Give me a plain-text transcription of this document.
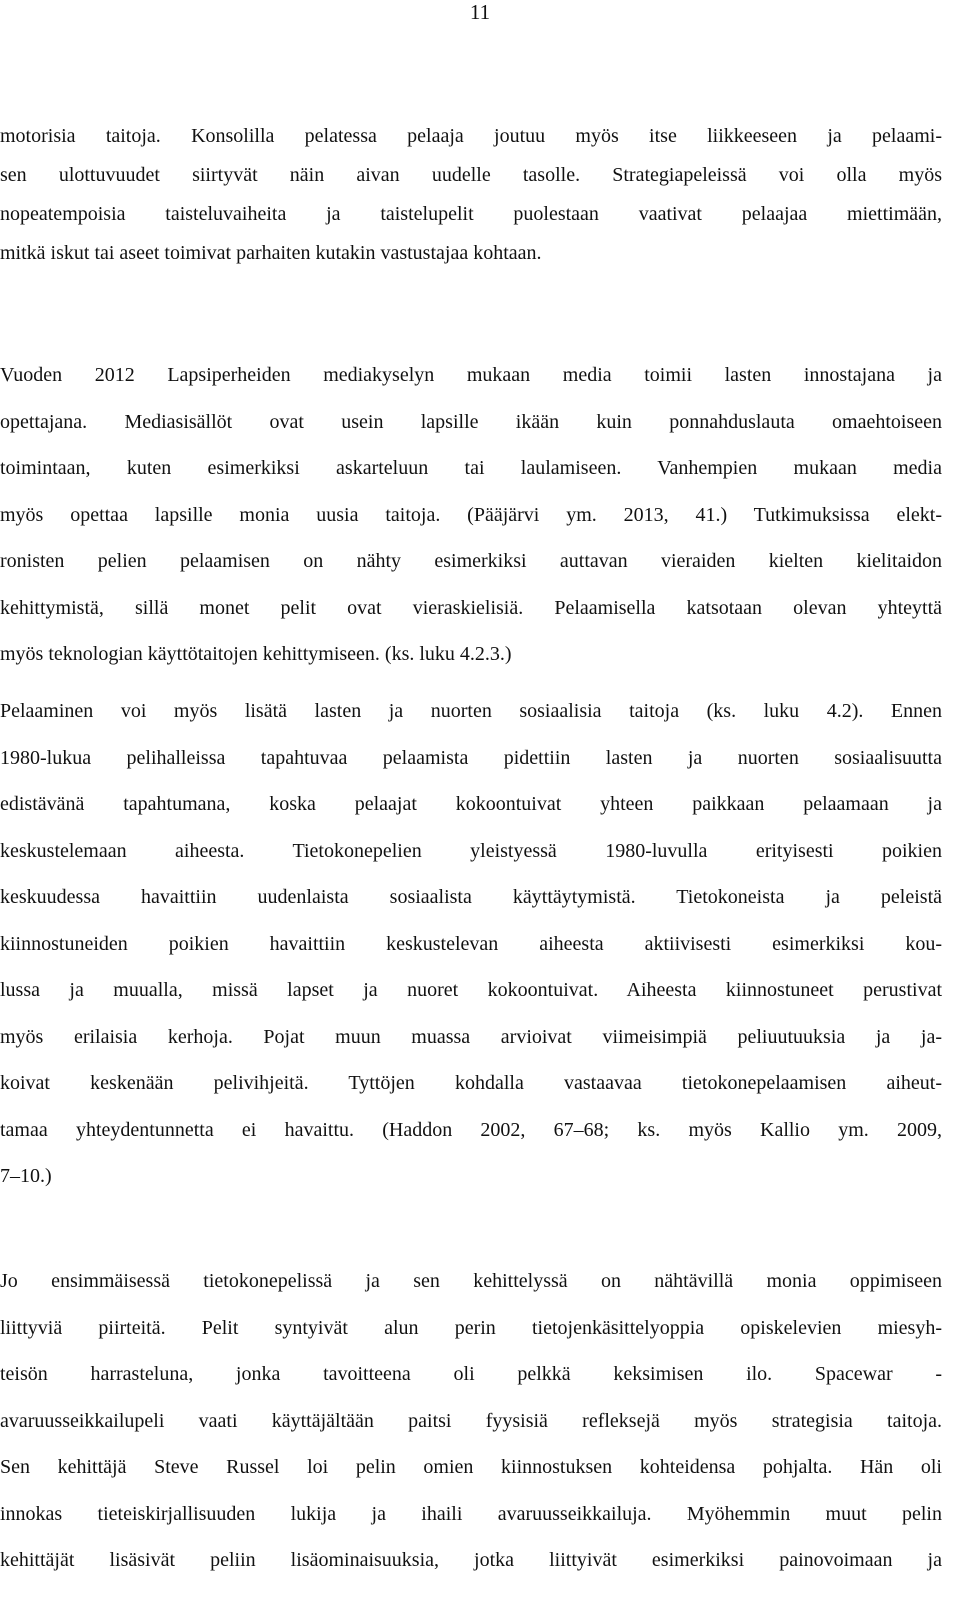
11
motorisia taitoja. Konsolilla pelatessa pelaaja joutuu myös itse liikkeeseen ja pelaami-
sen ulottuvuudet siirtyvät näin aivan uudelle tasolle. Strategiapeleissä voi olla myös
nopeatempoisia taisteluvaiheita ja taistelupelit puolestaan vaativat pelaajaa miettimään,
mitkä iskut tai aseet toimivat parhaiten kutakin vastustajaa kohtaan.
Vuoden 2012 Lapsiperheiden mediakyselyn mukaan media toimii lasten innostajana ja
opettajana. Mediasisällöt ovat usein lapsille ikään kuin ponnahduslauta omaehtoiseen
toimintaan, kuten esimerkiksi askarteluun tai laulamiseen. Vanhempien mukaan media
myös opettaa lapsille monia uusia taitoja. (Pääjärvi ym. 2013, 41.) Tutkimuksissa elekt-
ronisten pelien pelaamisen on nähty esimerkiksi auttavan vieraiden kielten kielitaidon
kehittymistä, sillä monet pelit ovat vieraskielisiä. Pelaamisella katsotaan olevan yhteyttä
myös teknologian käyttötaitojen kehittymiseen. (ks. luku 4.2.3.)
Pelaaminen voi myös lisätä lasten ja nuorten sosiaalisia taitoja (ks. luku 4.2). Ennen
1980-lukua pelihalleissa tapahtuvaa pelaamista pidettiin lasten ja nuorten sosiaalisuutta
edistävänä tapahtumana, koska pelaajat kokoontuivat yhteen paikkaan pelaamaan ja
keskustelemaan aiheesta. Tietokonepelien yleistyessä 1980-luvulla erityisesti poikien
keskuudessa havaittiin uudenlaista sosiaalista käyttäytymistä. Tietokoneista ja peleistä
kiinnostuneiden poikien havaittiin keskustelevan aiheesta aktiivisesti esimerkiksi kou-
lussa ja muualla, missä lapset ja nuoret kokoontuivat. Aiheesta kiinnostuneet perustivat
myös erilaisia kerhoja. Pojat muun muassa arvioivat viimeisimpiä peliuutuuksia ja ja-
koivat keskenään pelivihjeitä. Tyttöjen kohdalla vastaavaa tietokonepelaamisen aiheut-
tamaa yhteydentunnetta ei havaittu. (Haddon 2002, 67–68; ks. myös Kallio ym. 2009,
7–10.)
Jo ensimmäisessä tietokonepelissä ja sen kehittelyssä on nähtävillä monia oppimiseen
liittyviä piirteitä. Pelit syntyivät alun perin tietojenkäsittelyoppia opiskelevien miesyh-
teisön harrasteluna, jonka tavoitteena oli pelkkä keksimisen ilo. Spacewar -
avaruusseikkailupeli vaati käyttäjältään paitsi fyysisiä refleksejä myös strategisia taitoja.
Sen kehittäjä Steve Russel loi pelin omien kiinnostuksen kohteidensa pohjalta. Hän oli
innokas tieteiskirjallisuuden lukija ja ihaili avaruusseikkailuja. Myöhemmin muut pelin
kehittäjät lisäsivät peliin lisäominaisuuksia, jotka liittyivät esimerkiksi painovoimaan ja
